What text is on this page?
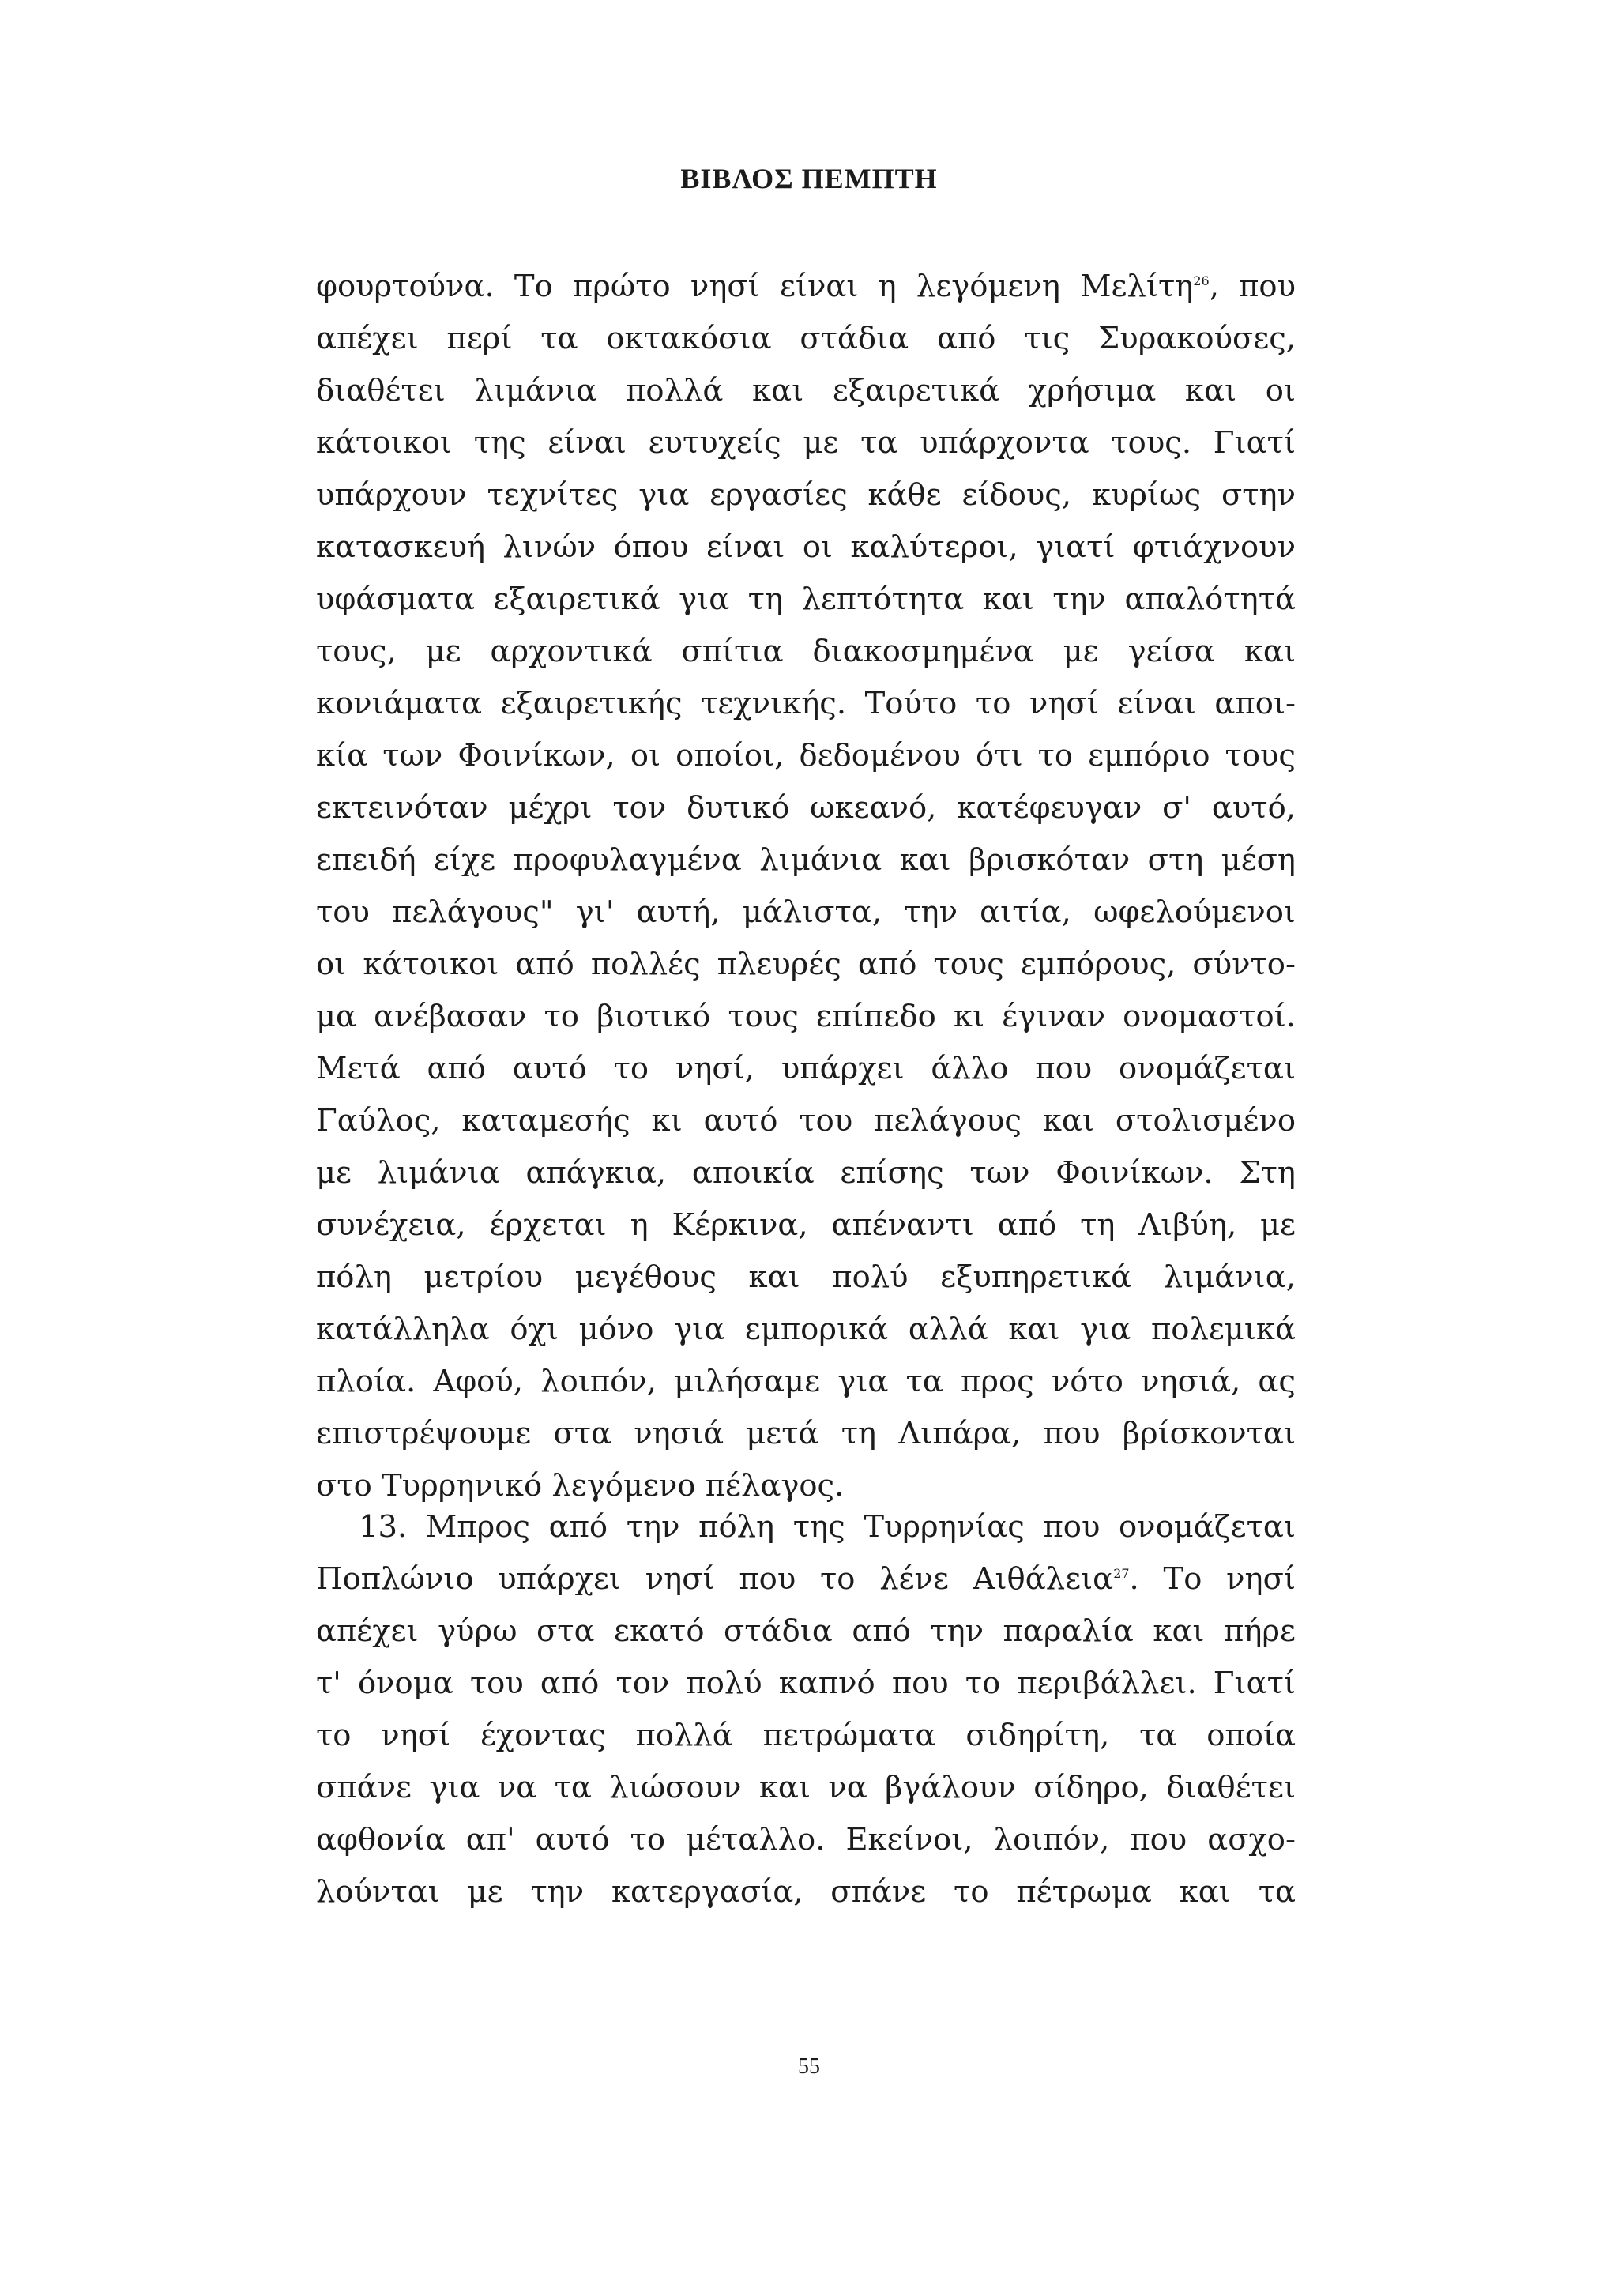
ΒΙΒΛΟΣ ΠΕΜΠΤΗ
φουρτούνα. Το πρώτο νησί είναι η λεγόμενη Μελίτη$^{26}$, που
απέχει περί τα οκτακόσια στάδια από τις Συρακούσες,
διαθέτει λιμάνια πολλά και εξαιρετικά χρήσιμα και οι
κάτοικοι της είναι ευτυχείς με τα υπάρχοντα τους. Γιατί
υπάρχουν τεχνίτες για εργασίες κάθε είδους, κυρίως στην
κατασκευή λινών όπου είναι οι καλύτεροι, γιατί φτιάχνουν
υφάσματα εξαιρετικά για τη λεπτότητα και την απαλότητά
τους, με αρχοντικά σπίτια διακοσμημένα με γείσα και
κονιάματα εξαιρετικής τεχνικής. Τούτο το νησί είναι αποι-
κία των Φοινίκων, οι οποίοι, δεδομένου ότι το εμπόριο τους
εκτεινόταν μέχρι τον δυτικό ωκεανό, κατέφευγαν σ' αυτό,
επειδή είχε προφυλαγμένα λιμάνια και βρισκόταν στη μέση
του πελάγους" γι' αυτή, μάλιστα, την αιτία, ωφελούμενοι
οι κάτοικοι από πολλές πλευρές από τους εμπόρους, σύντο-
μα ανέβασαν το βιοτικό τους επίπεδο κι έγιναν ονομαστοί.
Μετά από αυτό το νησί, υπάρχει άλλο που ονομάζεται
Γαύλος, καταμεσής κι αυτό του πελάγους και στολισμένο
με λιμάνια απάγκια, αποικία επίσης των Φοινίκων. Στη
συνέχεια, έρχεται η Κέρκινα, απέναντι από τη Λιβύη, με
πόλη μετρίου μεγέθους και πολύ εξυπηρετικά λιμάνια,
κατάλληλα όχι μόνο για εμπορικά αλλά και για πολεμικά
πλοία. Αφού, λοιπόν, μιλήσαμε για τα προς νότο νησιά, ας
επιστρέψουμε στα νησιά μετά τη Λιπάρα, που βρίσκονται
στο Τυρρηνικό λεγόμενο πέλαγος.
13. Μπρος από την πόλη της Τυρρηνίας που ονομάζεται
Ποπλώνιο υπάρχει νησί που το λένε Αιθάλεια$^{27}$. Το νησί
απέχει γύρω στα εκατό στάδια από την παραλία και πήρε
τ' όνομα του από τον πολύ καπνό που το περιβάλλει. Γιατί
το νησί έχοντας πολλά πετρώματα σιδηρίτη, τα οποία
σπάνε για να τα λιώσουν και να βγάλουν σίδηρο, διαθέτει
αφθονία απ' αυτό το μέταλλο. Εκείνοι, λοιπόν, που ασχο-
λούνται με την κατεργασία, σπάνε το πέτρωμα και τα
55
